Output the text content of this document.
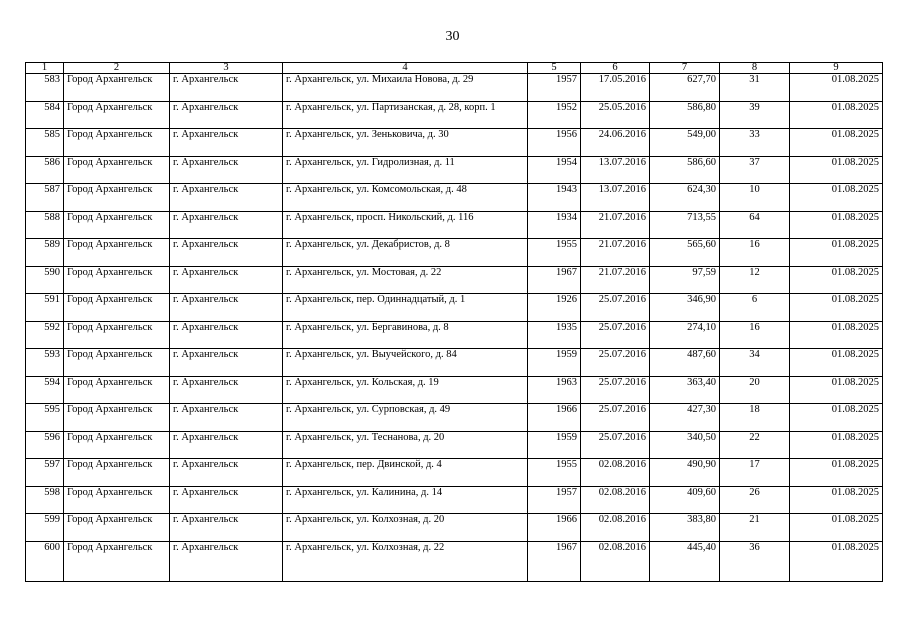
30
1	2	3	4	5	6	7	8	9
583	Город Архангельск	г. Архангельск	г. Архангельск, ул. Михаила Новова, д. 29	1957	17.05.2016	627,70	31	01.08.2025
584	Город Архангельск	г. Архангельск	г. Архангельск, ул. Партизанская, д. 28, корп. 1	1952	25.05.2016	586,80	39	01.08.2025
585	Город Архангельск	г. Архангельск	г. Архангельск, ул. Зеньковича, д. 30	1956	24.06.2016	549,00	33	01.08.2025
586	Город Архангельск	г. Архангельск	г. Архангельск, ул. Гидролизная, д. 11	1954	13.07.2016	586,60	37	01.08.2025
587	Город Архангельск	г. Архангельск	г. Архангельск, ул. Комсомольская, д. 48	1943	13.07.2016	624,30	10	01.08.2025
588	Город Архангельск	г. Архангельск	г. Архангельск, просп. Никольский, д. 116	1934	21.07.2016	713,55	64	01.08.2025
589	Город Архангельск	г. Архангельск	г. Архангельск, ул. Декабристов, д. 8	1955	21.07.2016	565,60	16	01.08.2025
590	Город Архангельск	г. Архангельск	г. Архангельск, ул. Мостовая, д. 22	1967	21.07.2016	97,59	12	01.08.2025
591	Город Архангельск	г. Архангельск	г. Архангельск, пер. Одиннадцатый, д. 1	1926	25.07.2016	346,90	6	01.08.2025
592	Город Архангельск	г. Архангельск	г. Архангельск, ул. Бергавинова, д. 8	1935	25.07.2016	274,10	16	01.08.2025
593	Город Архангельск	г. Архангельск	г. Архангельск, ул. Выучейского, д. 84	1959	25.07.2016	487,60	34	01.08.2025
594	Город Архангельск	г. Архангельск	г. Архангельск, ул. Кольская, д. 19	1963	25.07.2016	363,40	20	01.08.2025
595	Город Архангельск	г. Архангельск	г. Архангельск, ул. Сурповская, д. 49	1966	25.07.2016	427,30	18	01.08.2025
596	Город Архангельск	г. Архангельск	г. Архангельск, ул. Теснанова, д. 20	1959	25.07.2016	340,50	22	01.08.2025
597	Город Архангельск	г. Архангельск	г. Архангельск, пер. Двинской, д. 4	1955	02.08.2016	490,90	17	01.08.2025
598	Город Архангельск	г. Архангельск	г. Архангельск, ул. Калинина, д. 14	1957	02.08.2016	409,60	26	01.08.2025
599	Город Архангельск	г. Архангельск	г. Архангельск, ул. Колхозная, д. 20	1966	02.08.2016	383,80	21	01.08.2025
600	Город Архангельск	г. Архангельск	г. Архангельск, ул. Колхозная, д. 22	1967	02.08.2016	445,40	36	01.08.2025
